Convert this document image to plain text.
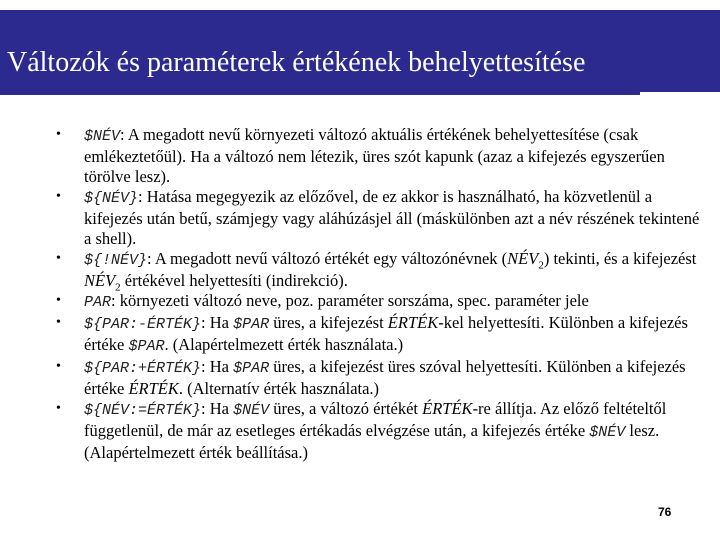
Változók és paraméterek értékének behelyettesítése
• $NÉV: A megadott nevű környezeti változó aktuális értékének behelyettesítése (csak emlékeztetőül). Ha a változó nem létezik, üres szót kapunk (azaz a kifejezés egyszerűen törölve lesz).
• ${NÉV}: Hatása megegyezik az előzővel, de ez akkor is használható, ha közvetlenül a kifejezés után betű, számjegy vagy aláhúzásjel áll (máskülönben azt a név részének tekintené a shell).
• ${!NÉV}: A megadott nevű változó értékét egy változónévnek $(NÉV_2)$ tekinti, és a kifejezést $NÉV_2$ értékével helyettesíti (indirekció).
• PAR: környezeti változó neve, poz. paraméter sorszáma, spec. paraméter jele
• ${PAR:-ÉRTÉK}: Ha $PAR üres, a kifejezést ÉRTÉK-kel helyettesíti. Különben a kifejezés értéke $PAR. (Alapértelmezett érték használata.)
• ${PAR:+ÉRTÉK}: Ha $PAR üres, a kifejezést üres szóval helyettesíti. Különben a kifejezés értéke ÉRTÉK. (Alternatív érték használata.)
• ${NÉV:=ÉRTÉK}: Ha $NÉV üres, a változó értékét ÉRTÉK-re állítja. Az előző feltételtől függetlenül, de már az esetleges értékadás elvégzése után, a kifejezés értéke $NÉV lesz. (Alapértelmezett érték beállítása.)
76
